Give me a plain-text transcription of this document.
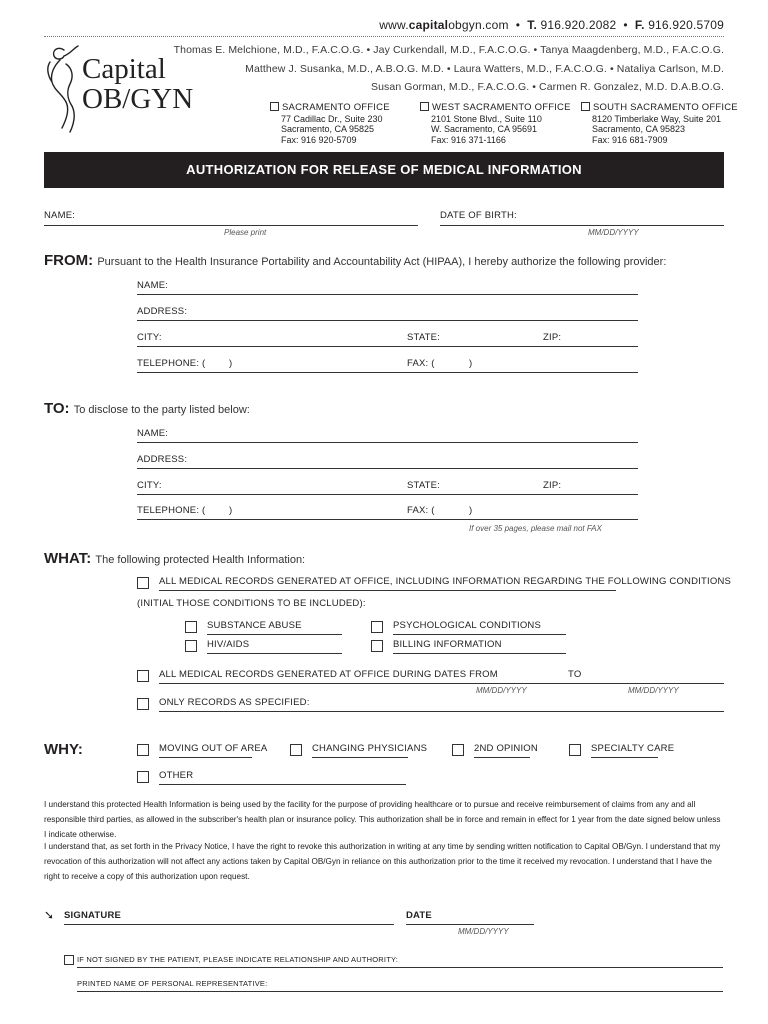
www.capitalobgyn.com • T. 916.920.2082 • F. 916.920.5709
Thomas E. Melchione, M.D., F.A.C.O.G. • Jay Curkendall, M.D., F.A.C.O.G. • Tanya Maagdenberg, M.D., F.A.C.O.G.
Matthew J. Susanka, M.D., A.B.O.G. M.D. • Laura Watters, M.D., F.A.C.O.G. • Nataliya Carlson, M.D.
Susan Gorman, M.D., F.A.C.O.G. • Carmen R. Gonzalez, M.D. D.A.B.O.G.
Capital
OB/GYN	SACRAMENTO OFFICE
77 Cadillac Dr., Suite 230
Sacramento, CA 95825
Fax: 916 920-5709
WEST SACRAMENTO OFFICE
2101 Stone Blvd., Suite 110
W. Sacramento, CA 95691
Fax: 916 371-1166
SOUTH SACRAMENTO OFFICE
8120 Timberlake Way, Suite 201
Sacramento, CA 95823
Fax: 916 681-7909
AUTHORIZATION FOR RELEASE OF MEDICAL INFORMATION
NAME:
Please print
DATE OF BIRTH:
MM/DD/YYYY
FROM: Pursuant to the Health Insurance Portability and Accountability Act (HIPAA), I hereby authorize the following provider:
NAME:
ADDRESS:
CITY:	STATE:	ZIP:
TELEPHONE: ( )	FAX: (	)
TO: To disclose to the party listed below:
NAME:
ADDRESS:
CITY:	STATE:	ZIP:
TELEPHONE: ( )	FAX: (	)
If over 35 pages, please mail not FAX
WHAT: The following protected Health Information:
ALL MEDICAL RECORDS GENERATED AT OFFICE, INCLUDING INFORMATION REGARDING THE FOLLOWING CONDITIONS
(INITIAL THOSE CONDITIONS TO BE INCLUDED):
SUBSTANCE ABUSE
HIV/AIDS
PSYCHOLOGICAL CONDITIONS
BILLING INFORMATION
ALL MEDICAL RECORDS GENERATED AT OFFICE DURING DATES FROM	TO
MM/DD/YYYY	MM/DD/YYYY
ONLY RECORDS AS SPECIFIED:
WHY:	MOVING OUT OF AREA	CHANGING PHYSICIANS	2ND OPINION	SPECIALTY CARE
OTHER
I understand this protected Health Information is being used by the facility for the purpose of providing healthcare or to pursue and receive reimbursement of claims from any and all responsible third parties, as allowed in the subscriber's health plan or insurance policy. This authorization shall be in force and remain in effect for 1 year from the date signed below unless I indicate otherwise.
I understand that, as set forth in the Privacy Notice, I have the right to revoke this authorization in writing at any time by sending written notification to Capital OB/Gyn. I understand that my revocation of this authorization will not affect any actions taken by Capital OB/Gyn in reliance on this authorization prior to the time it received my revocation. I understand that I have the right to receive a copy of this authorization upon request.
➘ SIGNATURE	DATE
MM/DD/YYYY
IF NOT SIGNED BY THE PATIENT, PLEASE INDICATE RELATIONSHIP AND AUTHORITY:
PRINTED NAME OF PERSONAL REPRESENTATIVE:
